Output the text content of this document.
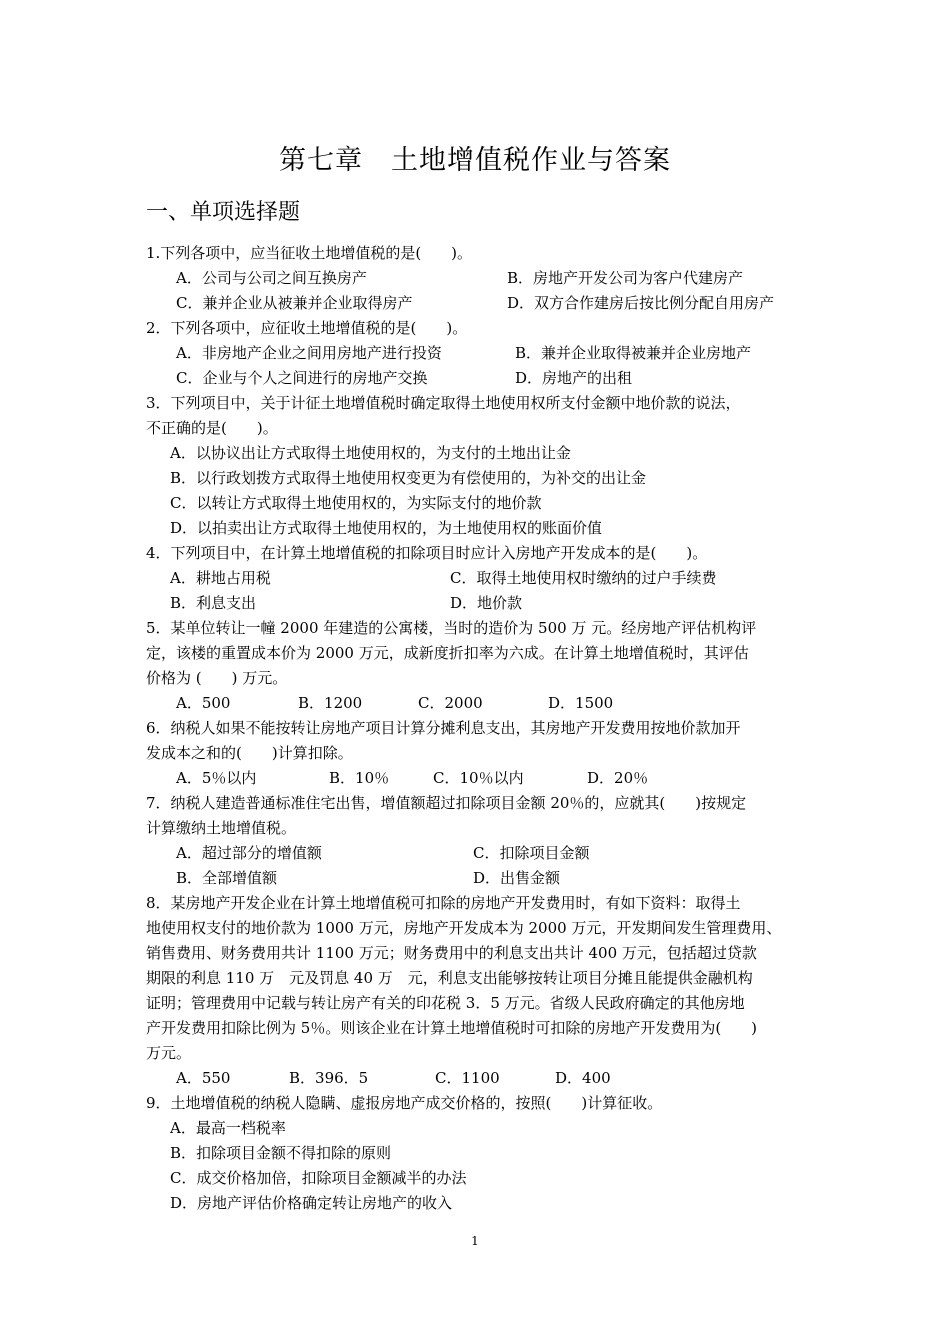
第七章　土地增值税作业与答案
一、单项选择题
1.下列各项中，应当征收土地增值税的是(　　)。
A．公司与公司之间互换房产	B．房地产开发公司为客户代建房产
C．兼并企业从被兼并企业取得房产	D．双方合作建房后按比例分配自用房产
2．下列各项中，应征收土地增值税的是(　　)。
A．非房地产企业之间用房地产进行投资	B．兼并企业取得被兼并企业房地产
C．企业与个人之间进行的房地产交换	D．房地产的出租
3．下列项目中，关于计征土地增值税时确定取得土地使用权所支付金额中地价款的说法，
不正确的是(　　)。
A．以协议出让方式取得土地使用权的，为支付的土地出让金
B．以行政划拨方式取得土地使用权变更为有偿使用的，为补交的出让金
C．以转让方式取得土地使用权的，为实际支付的地价款
D．以拍卖出让方式取得土地使用权的，为土地使用权的账面价值
4．下列项目中，在计算土地增值税的扣除项目时应计入房地产开发成本的是(　　)。
A．耕地占用税	C．取得土地使用权时缴纳的过户手续费
B．利息支出	D．地价款
5．某单位转让一幢 2000 年建造的公寓楼，当时的造价为 500 万 元。经房地产评估机构评
定，该楼的重置成本价为 2000 万元，成新度折扣率为六成。在计算土地增值税时，其评估
价格为 (　　) 万元。
A．500	B．1200	C．2000	D．1500
6．纳税人如果不能按转让房地产项目计算分摊利息支出，其房地产开发费用按地价款加开
发成本之和的(　　)计算扣除。
A．5％以内	B．10％	C．10％以内	D．20％
7．纳税人建造普通标准住宅出售，增值额超过扣除项目金额 20％的，应就其(　　)按规定
计算缴纳土地增值税。
A．超过部分的增值额	C．扣除项目金额
B．全部增值额	D．出售金额
8．某房地产开发企业在计算土地增值税可扣除的房地产开发费用时，有如下资料：取得土
地使用权支付的地价款为 1000 万元，房地产开发成本为 2000 万元，开发期间发生管理费用、
销售费用、财务费用共计 1100 万元；财务费用中的利息支出共计 400 万元，包括超过贷款
期限的利息 110 万　元及罚息 40 万　元，利息支出能够按转让项目分摊且能提供金融机构
证明；管理费用中记载与转让房产有关的印花税 3．5 万元。省级人民政府确定的其他房地
产开发费用扣除比例为 5％。则该企业在计算土地增值税时可扣除的房地产开发费用为(　　)
万元。
A．550	B．396．5	C．1100	D．400
9．土地增值税的纳税人隐瞒、虚报房地产成交价格的，按照(　　)计算征收。
A．最高一档税率
B．扣除项目金额不得扣除的原则
C．成交价格加倍，扣除项目金额减半的办法
D．房地产评估价格确定转让房地产的收入
1
